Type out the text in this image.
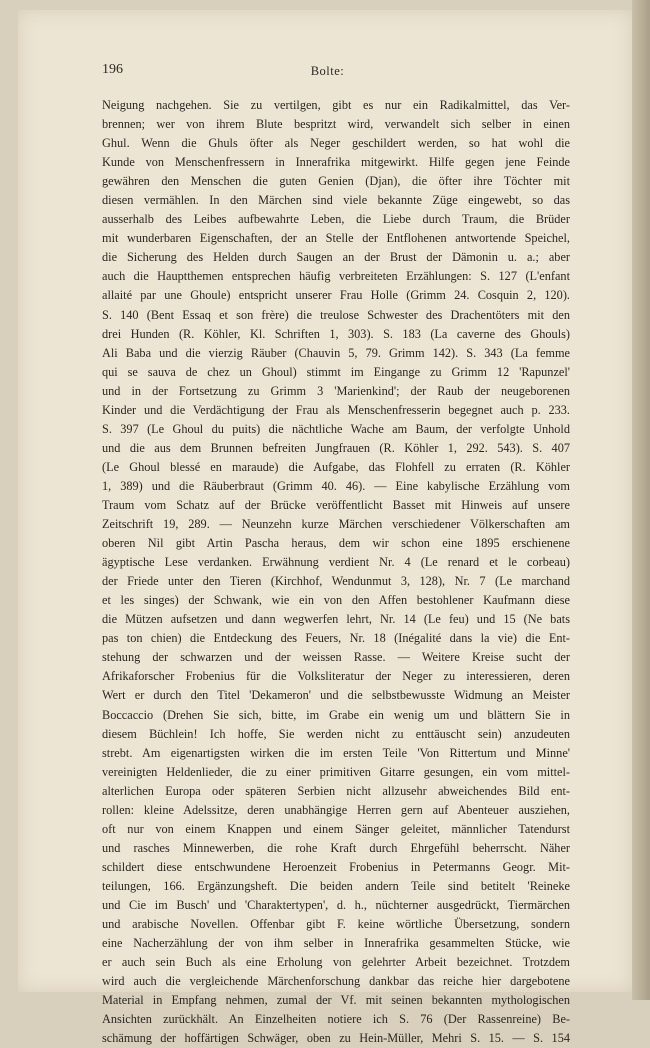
196	Bolte:
Neigung nachgehen. Sie zu vertilgen, gibt es nur ein Radikalmittel, das Ver-
brennen; wer von ihrem Blute bespritzt wird, verwandelt sich selber in einen
Ghul. Wenn die Ghuls öfter als Neger geschildert werden, so hat wohl die
Kunde von Menschenfressern in Innerafrika mitgewirkt. Hilfe gegen jene Feinde
gewähren den Menschen die guten Genien (Djan), die öfter ihre Töchter mit
diesen vermählen. In den Märchen sind viele bekannte Züge eingewebt, so das
ausserhalb des Leibes aufbewahrte Leben, die Liebe durch Traum, die Brüder
mit wunderbaren Eigenschaften, der an Stelle der Entflohenen antwortende Speichel,
die Sicherung des Helden durch Saugen an der Brust der Dämonin u. a.; aber
auch die Hauptthemen entsprechen häufig verbreiteten Erzählungen: S. 127 (L'enfant
allaité par une Ghoule) entspricht unserer Frau Holle (Grimm 24. Cosquin 2, 120).
S. 140 (Bent Essaq et son frère) die treulose Schwester des Drachentöters mit den
drei Hunden (R. Köhler, Kl. Schriften 1, 303). S. 183 (La caverne des Ghouls)
Ali Baba und die vierzig Räuber (Chauvin 5, 79. Grimm 142). S. 343 (La femme
qui se sauva de chez un Ghoul) stimmt im Eingange zu Grimm 12 'Rapunzel'
und in der Fortsetzung zu Grimm 3 'Marienkind'; der Raub der neugeborenen
Kinder und die Verdächtigung der Frau als Menschenfresserin begegnet auch p. 233.
S. 397 (Le Ghoul du puits) die nächtliche Wache am Baum, der verfolgte Unhold
und die aus dem Brunnen befreiten Jungfrauen (R. Köhler 1, 292. 543). S. 407
(Le Ghoul blessé en maraude) die Aufgabe, das Flohfell zu erraten (R. Köhler
1, 389) und die Räuberbraut (Grimm 40. 46). — Eine kabylische Erzählung vom
Traum vom Schatz auf der Brücke veröffentlicht Basset mit Hinweis auf unsere
Zeitschrift 19, 289. — Neunzehn kurze Märchen verschiedener Völkerschaften am
oberen Nil gibt Artin Pascha heraus, dem wir schon eine 1895 erschienene
ägyptische Lese verdanken. Erwähnung verdient Nr. 4 (Le renard et le corbeau)
der Friede unter den Tieren (Kirchhof, Wendunmut 3, 128), Nr. 7 (Le marchand
et les singes) der Schwank, wie ein von den Affen bestohlener Kaufmann diese
die Mützen aufsetzen und dann wegwerfen lehrt, Nr. 14 (Le feu) und 15 (Ne bats
pas ton chien) die Entdeckung des Feuers, Nr. 18 (Inégalité dans la vie) die Ent-
stehung der schwarzen und der weissen Rasse. — Weitere Kreise sucht der
Afrikaforscher Frobenius für die Volksliteratur der Neger zu interessieren, deren
Wert er durch den Titel 'Dekameron' und die selbstbewusste Widmung an Meister
Boccaccio (Drehen Sie sich, bitte, im Grabe ein wenig um und blättern Sie in
diesem Büchlein! Ich hoffe, Sie werden nicht zu enttäuscht sein) anzudeuten
strebt. Am eigenartigsten wirken die im ersten Teile 'Von Rittertum und Minne'
vereinigten Heldenlieder, die zu einer primitiven Gitarre gesungen, ein vom mittel-
alterlichen Europa oder späteren Serbien nicht allzusehr abweichendes Bild ent-
rollen: kleine Adelssitze, deren unabhängige Herren gern auf Abenteuer ausziehen,
oft nur von einem Knappen und einem Sänger geleitet, männlicher Tatendurst
und rasches Minnewerben, die rohe Kraft durch Ehrgefühl beherrscht. Näher
schildert diese entschwundene Heroenzeit Frobenius in Petermanns Geogr. Mit-
teilungen, 166. Ergänzungsheft. Die beiden andern Teile sind betitelt 'Reineke
und Cie im Busch' und 'Charaktertypen', d. h., nüchterner ausgedrückt, Tiermärchen
und arabische Novellen. Offenbar gibt F. keine wörtliche Übersetzung, sondern
eine Nacherzählung der von ihm selber in Innerafrika gesammelten Stücke, wie
er auch sein Buch als eine Erholung von gelehrter Arbeit bezeichnet. Trotzdem
wird auch die vergleichende Märchenforschung dankbar das reiche hier dargebotene
Material in Empfang nehmen, zumal der Vf. mit seinen bekannten mythologischen
Ansichten zurückhält. An Einzelheiten notiere ich S. 76 (Der Rassenreine) Be-
schämung der hoffärtigen Schwäger, oben zu Hein-Müller, Mehri S. 15. — S. 154
